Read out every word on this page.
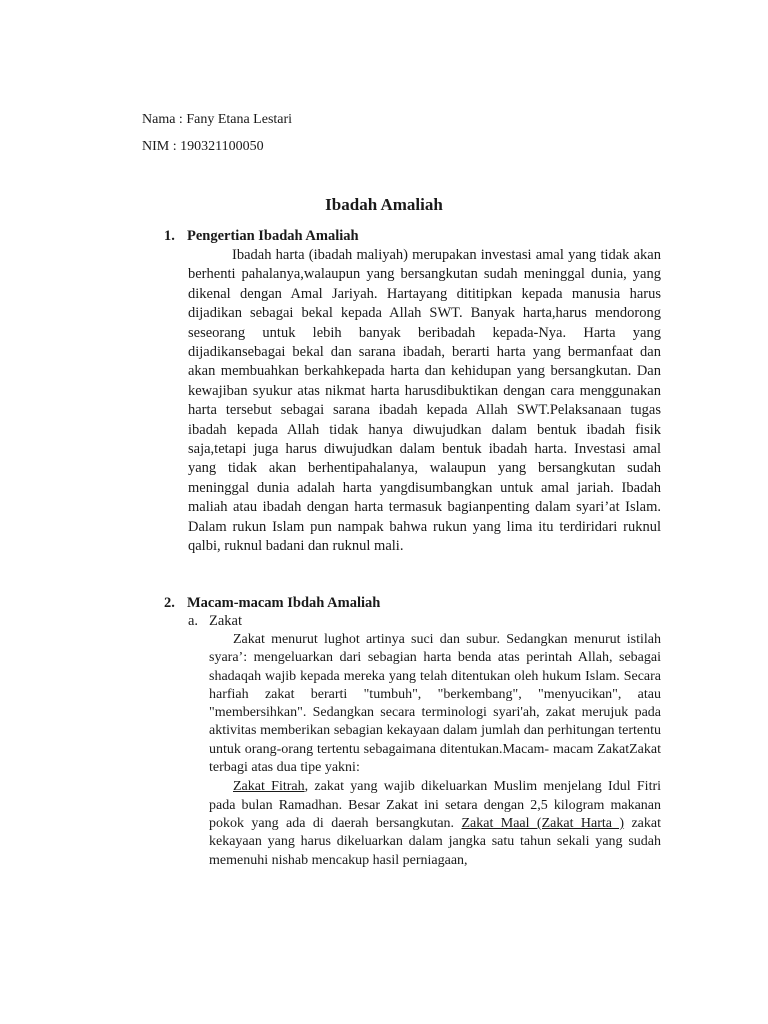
Nama : Fany Etana Lestari
NIM : 190321100050
Ibadah Amaliah
1. Pengertian Ibadah Amaliah

Ibadah harta (ibadah maliyah) merupakan investasi amal yang tidak akan berhenti pahalanya,walaupun yang bersangkutan sudah meninggal dunia, yang dikenal dengan Amal Jariyah. Hartayang dititipkan kepada manusia harus dijadikan sebagai bekal kepada Allah SWT. Banyak harta,harus mendorong seseorang untuk lebih banyak beribadah kepada-Nya. Harta yang dijadikansebagai bekal dan sarana ibadah, berarti harta yang bermanfaat dan akan membuahkan berkahkepada harta dan kehidupan yang bersangkutan. Dan kewajiban syukur atas nikmat harta harusdibuktikan dengan cara menggunakan harta tersebut sebagai sarana ibadah kepada Allah SWT.Pelaksanaan tugas ibadah kepada Allah tidak hanya diwujudkan dalam bentuk ibadah fisik saja,tetapi juga harus diwujudkan dalam bentuk ibadah harta. Investasi amal yang tidak akan berhentipahalanya, walaupun yang bersangkutan sudah meninggal dunia adalah harta yangdisumbangkan untuk amal jariah. Ibadah maliah atau ibadah dengan harta termasuk bagianpenting dalam syari’at Islam. Dalam rukun Islam pun nampak bahwa rukun yang lima itu terdiridari ruknul qalbi, ruknul badani dan ruknul mali.

2. Macam-macam Ibdah Amaliah
a. Zakat

Zakat menurut lughot artinya suci dan subur. Sedangkan menurut istilah syara’: mengeluarkan dari sebagian harta benda atas perintah Allah, sebagai shadaqah wajib kepada mereka yang telah ditentukan oleh hukum Islam. Secara harfiah zakat berarti "tumbuh", "berkembang", "menyucikan", atau "membersihkan". Sedangkan secara terminologi syari'ah, zakat merujuk pada aktivitas memberikan sebagian kekayaan dalam jumlah dan perhitungan tertentu untuk orang-orang tertentu sebagaimana ditentukan.Macam- macam ZakatZakat terbagi atas dua tipe yakni:

Zakat Fitrah, zakat yang wajib dikeluarkan Muslim menjelang Idul Fitri pada bulan Ramadhan. Besar Zakat ini setara dengan 2,5 kilogram makanan pokok yang ada di daerah bersangkutan. Zakat Maal (Zakat Harta ) zakat kekayaan yang harus dikeluarkan dalam jangka satu tahun sekali yang sudah memenuhi nishab mencakup hasil perniagaan,
